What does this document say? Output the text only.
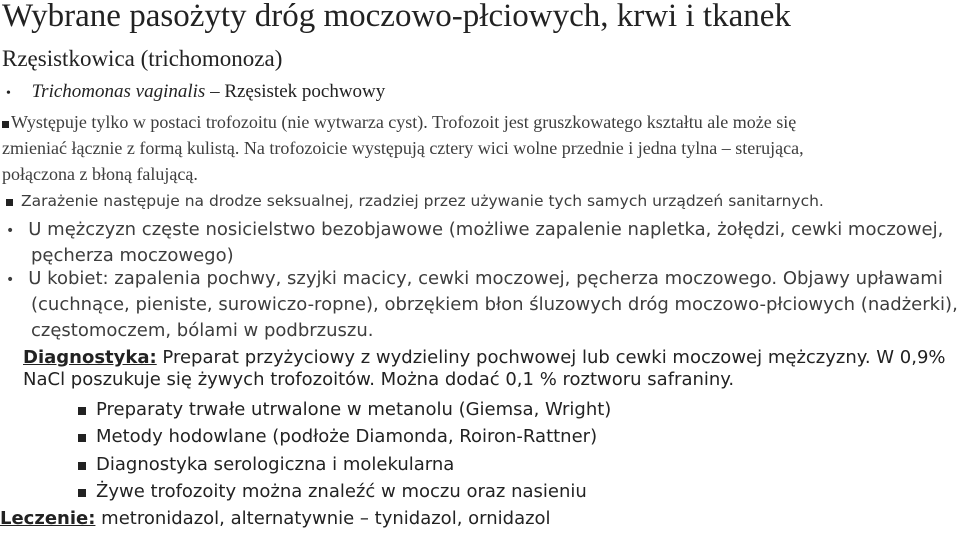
Wybrane pasożyty dróg moczowo-płciowych, krwi i tkanek
Rzęsistkowica (trichomonoza)
• Trichomonas vaginalis – Rzęsistek pochwowy
Występuje tylko w postaci trofozoitu (nie wytwarza cyst). Trofozoit jest gruszkowatego kształtu ale może się
zmieniać łącznie z formą kulistą. Na trofozoicie występują cztery wici wolne przednie i jedna tylna – sterująca,
połączona z błoną falującą.
Zarażenie następuje na drodze seksualnej, rzadziej przez używanie tych samych urządzeń sanitarnych.
• U mężczyzn częste nosicielstwo bezobjawowe (możliwe zapalenie napletka, żołędzi, cewki moczowej,
pęcherza moczowego)
• U kobiet: zapalenia pochwy, szyjki macicy, cewki moczowej, pęcherza moczowego. Objawy upławami
(cuchnące, pieniste, surowiczo-ropne), obrzękiem błon śluzowych dróg moczowo-płciowych (nadżerki),
częstomoczem, bólami w podbrzuszu.
Diagnostyka: Preparat przyżyciowy z wydzieliny pochwowej lub cewki moczowej mężczyzny. W 0,9%
NaCl poszukuje się żywych trofozoitów. Można dodać 0,1 % roztworu safraniny.
Preparaty trwałe utrwalone w metanolu (Giemsa, Wright)
Metody hodowlane (podłoże Diamonda, Roiron-Rattner)
Diagnostyka serologiczna i molekularna
Żywe trofozoity można znaleźć w moczu oraz nasieniu
Leczenie: metronidazol, alternatywnie – tynidazol, ornidazol
